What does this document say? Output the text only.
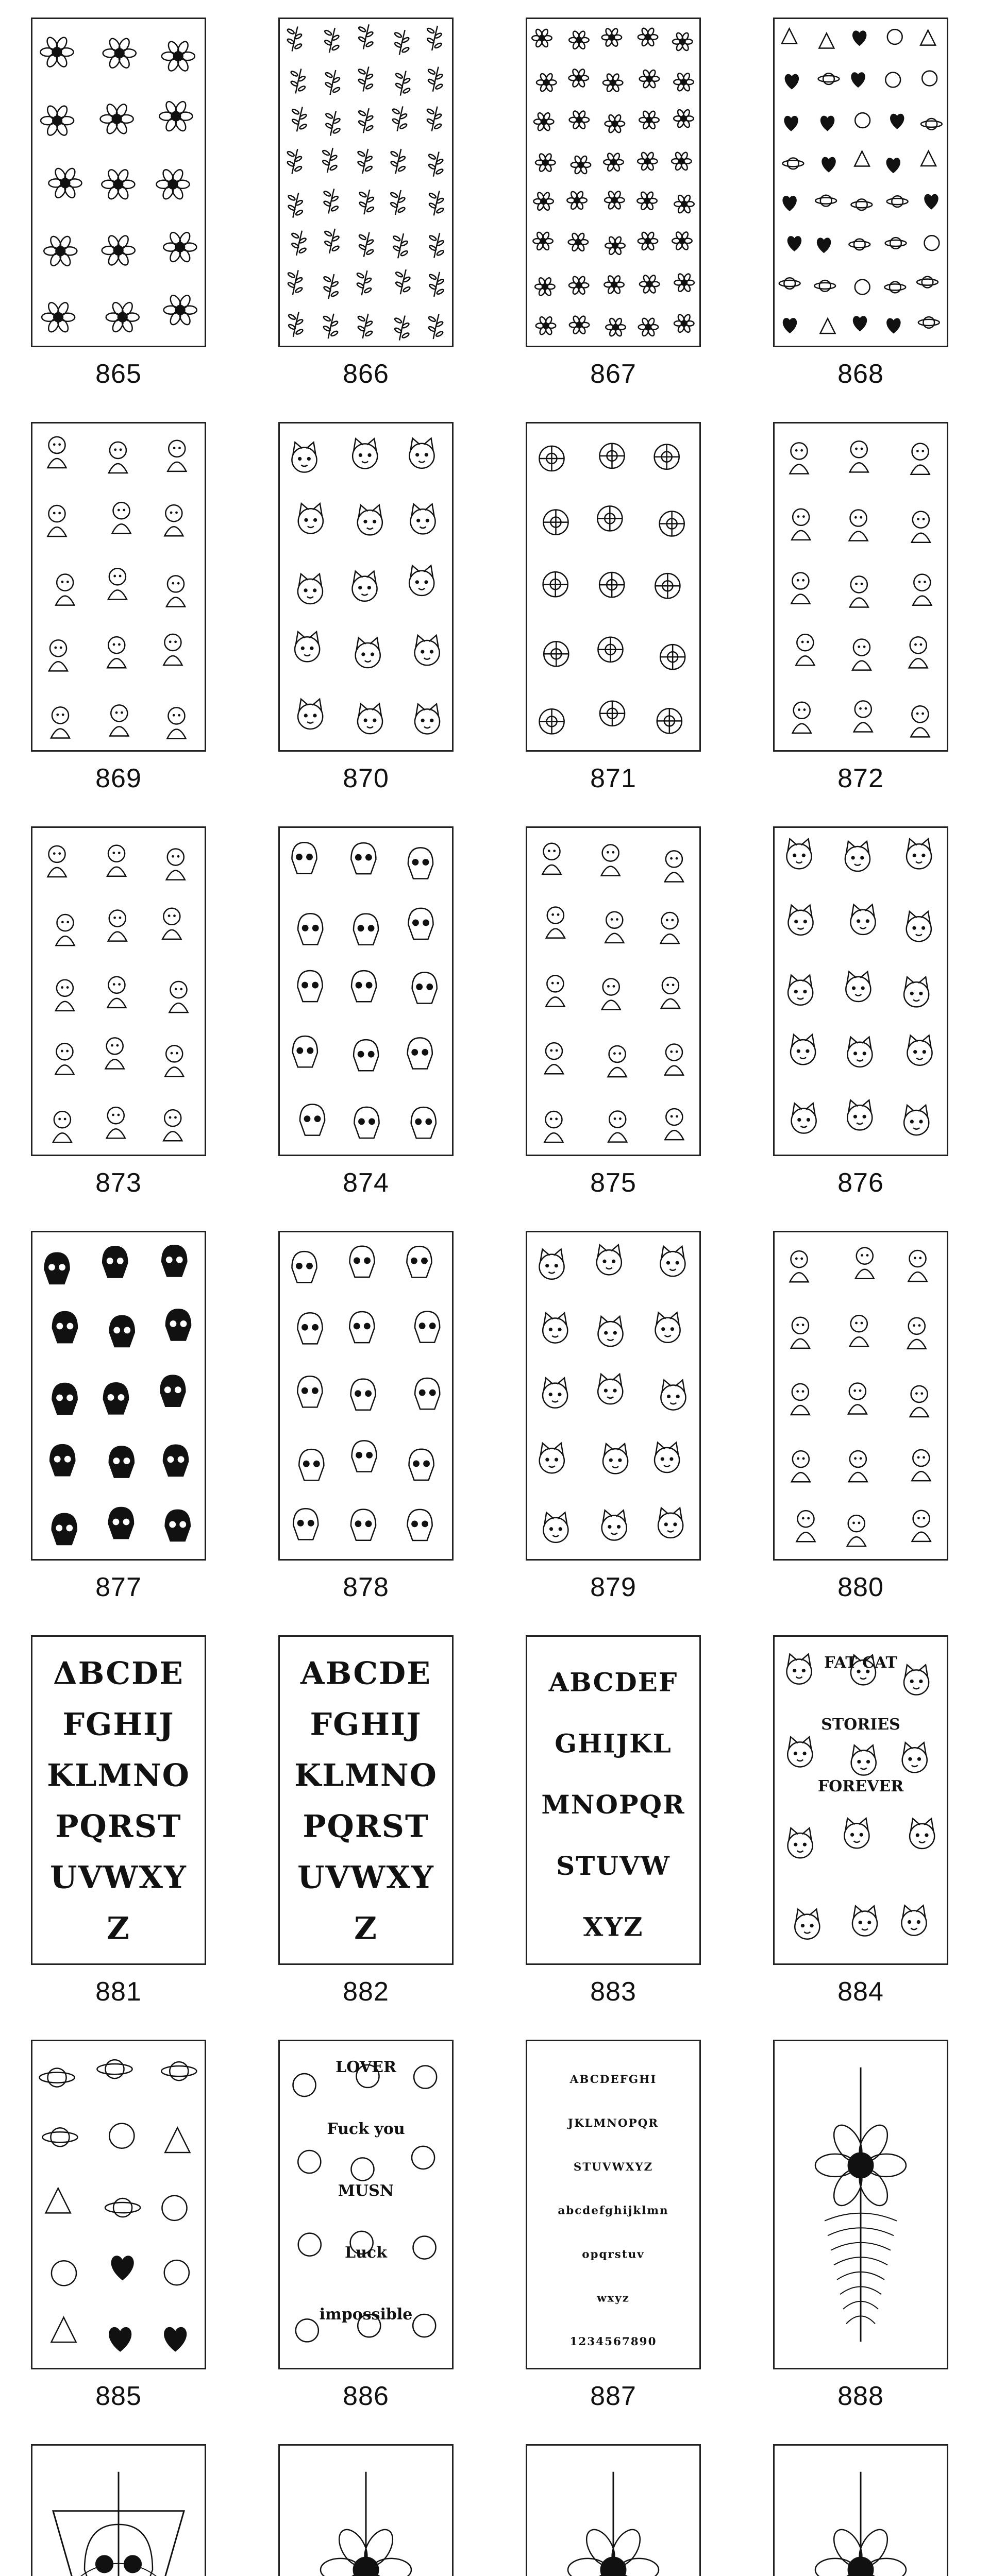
865	866	867	868
869	870	871	872
873	874	875	876
877	878	879	880
ΔBCDE
FGHIJ
KLMNO
PQRST
UVWXY
Z
881
ABCDE
FGHIJ
KLMNO
PQRST
UVWXY
Z
882
ABCDEF
GHIJKL
MNOPQR
STUVW
XYZ
883
FAT CAT
STORIES
FOREVER
884
885
LOVER
Fuck you
MUSN
Luck
impossible
886
ABCDEFGHI
JKLMNOPQR
STUVWXYZ
abcdefghijklmn
opqrstuv
wxyz
1234567890
887	888
